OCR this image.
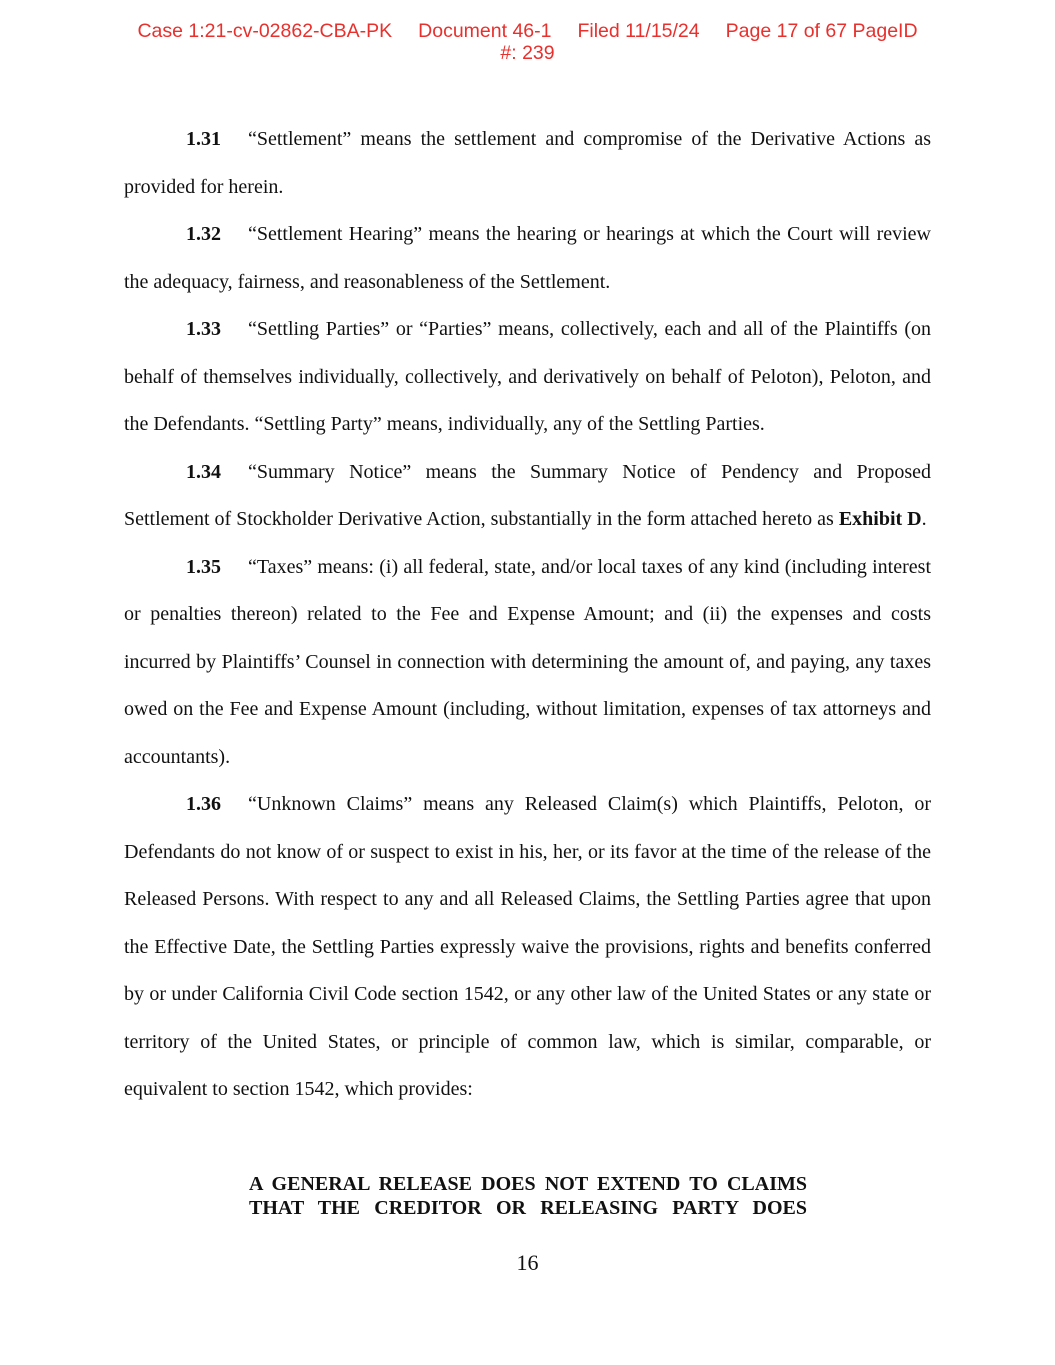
Case 1:21-cv-02862-CBA-PK Document 46-1 Filed 11/15/24 Page 17 of 67 PageID
#: 239

1.31 “Settlement” means the settlement and compromise of the Derivative Actions as provided for herein.

1.32 “Settlement Hearing” means the hearing or hearings at which the Court will review the adequacy, fairness, and reasonableness of the Settlement.

1.33 “Settling Parties” or “Parties” means, collectively, each and all of the Plaintiffs (on behalf of themselves individually, collectively, and derivatively on behalf of Peloton), Peloton, and the Defendants. “Settling Party” means, individually, any of the Settling Parties.

1.34 “Summary Notice” means the Summary Notice of Pendency and Proposed Settlement of Stockholder Derivative Action, substantially in the form attached hereto as Exhibit D.

1.35 “Taxes” means: (i) all federal, state, and/or local taxes of any kind (including interest or penalties thereon) related to the Fee and Expense Amount; and (ii) the expenses and costs incurred by Plaintiffs’ Counsel in connection with determining the amount of, and paying, any taxes owed on the Fee and Expense Amount (including, without limitation, expenses of tax attorneys and accountants).

1.36 “Unknown Claims” means any Released Claim(s) which Plaintiffs, Peloton, or Defendants do not know of or suspect to exist in his, her, or its favor at the time of the release of the Released Persons. With respect to any and all Released Claims, the Settling Parties agree that upon the Effective Date, the Settling Parties expressly waive the provisions, rights and benefits conferred by or under California Civil Code section 1542, or any other law of the United States or any state or territory of the United States, or principle of common law, which is similar, comparable, or equivalent to section 1542, which provides:

A GENERAL RELEASE DOES NOT EXTEND TO CLAIMS
THAT THE CREDITOR OR RELEASING PARTY DOES
16
